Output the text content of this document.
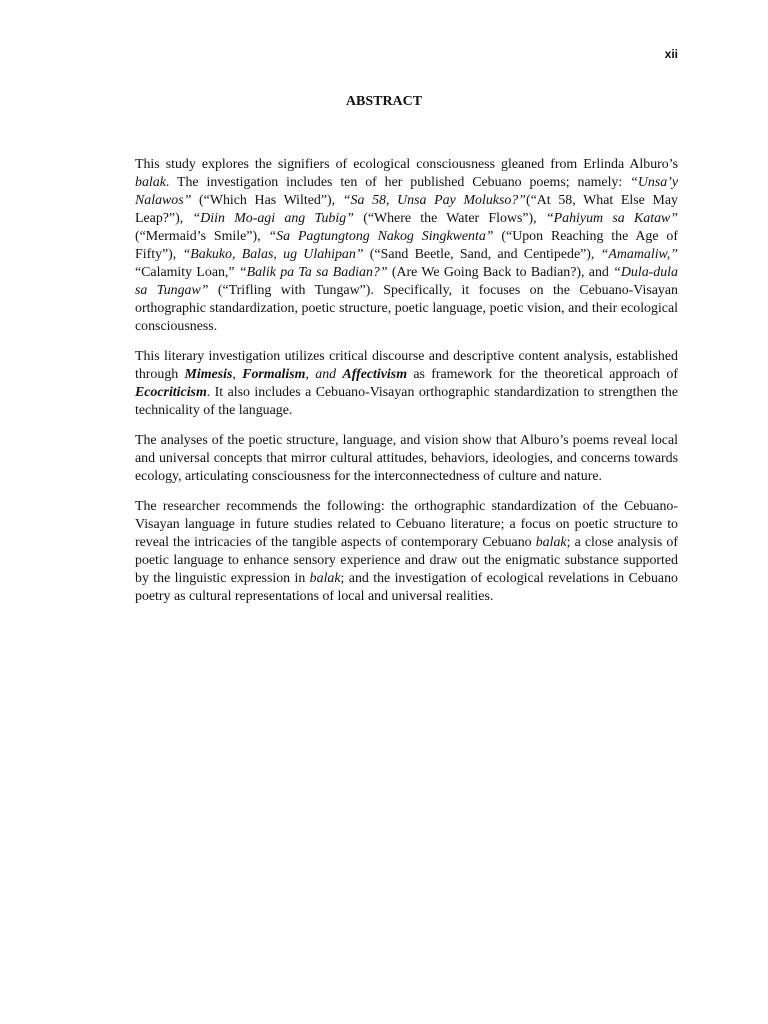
xii
ABSTRACT

This study explores the signifiers of ecological consciousness gleaned from Erlinda Alburo’s balak. The investigation includes ten of her published Cebuano poems; namely: “Unsa’y Nalawos” (“Which Has Wilted”), “Sa 58, Unsa Pay Molukso?”(“At 58, What Else May Leap?”), “Diin Mo-agi ang Tubig” (“Where the Water Flows”), “Pahiyum sa Kataw” (“Mermaid’s Smile”), “Sa Pagtungtong Nakog Singkwenta” (“Upon Reaching the Age of Fifty”), “Bakuko, Balas, ug Ulahipan” (“Sand Beetle, Sand, and Centipede”), “Amamaliw,” “Calamity Loan,” “Balik pa Ta sa Badian?” (Are We Going Back to Badian?), and “Dula-dula sa Tungaw” (“Trifling with Tungaw”). Specifically, it focuses on the Cebuano-Visayan orthographic standardization, poetic structure, poetic language, poetic vision, and their ecological consciousness.

This literary investigation utilizes critical discourse and descriptive content analysis, established through Mimesis, Formalism, and Affectivism as framework for the theoretical approach of Ecocriticism. It also includes a Cebuano-Visayan orthographic standardization to strengthen the technicality of the language.

The analyses of the poetic structure, language, and vision show that Alburo’s poems reveal local and universal concepts that mirror cultural attitudes, behaviors, ideologies, and concerns towards ecology, articulating consciousness for the interconnectedness of culture and nature.

The researcher recommends the following: the orthographic standardization of the Cebuano-Visayan language in future studies related to Cebuano literature; a focus on poetic structure to reveal the intricacies of the tangible aspects of contemporary Cebuano balak; a close analysis of poetic language to enhance sensory experience and draw out the enigmatic substance supported by the linguistic expression in balak; and the investigation of ecological revelations in Cebuano poetry as cultural representations of local and universal realities.
